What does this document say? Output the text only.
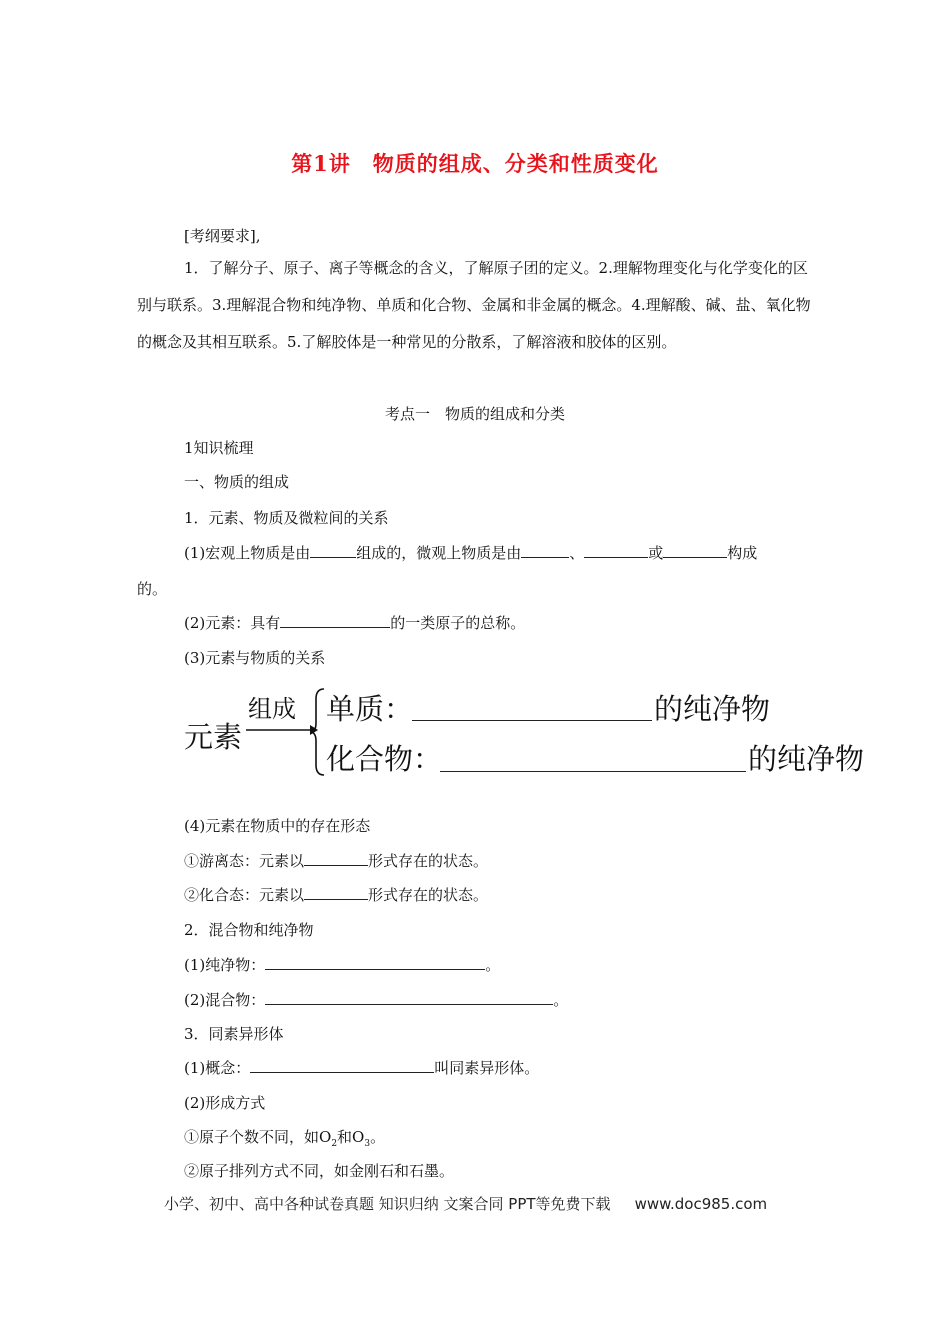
第1讲　物质的组成、分类和性质变化
[考纲要求],

1．了解分子、原子、离子等概念的含义，了解原子团的定义。2.理解物理变化与化学变化的区别与联系。3.理解混合物和纯净物、单质和化合物、金属和非金属的概念。4.理解酸、碱、盐、氧化物的概念及其相互联系。5.了解胶体是一种常见的分散系，了解溶液和胶体的区别。

考点一　物质的组成和分类
1知识梳理
一、物质的组成
1．元素、物质及微粒间的关系
(1)宏观上物质是由	组成的，微观上物质是由	、	或	构成
的。
(2)元素：具有	的一类原子的总称。
(3)元素与物质的关系
元素
组成 单质：	的纯净物
化合物：	的纯净物
(4)元素在物质中的存在形态
①游离态：元素以	形式存在的状态。
②化合态：元素以	形式存在的状态。
2．混合物和纯净物
(1)纯净物：	。
(2)混合物：	。
3．同素异形体
(1)概念：	叫同素异形体。
(2)形成方式
①原子个数不同，如$O_2$和$O_3$。
②原子排列方式不同，如金刚石和石墨。
小学、初中、高中各种试卷真题 知识归纳 文案合同 PPT等免费下载 www.doc985.com
